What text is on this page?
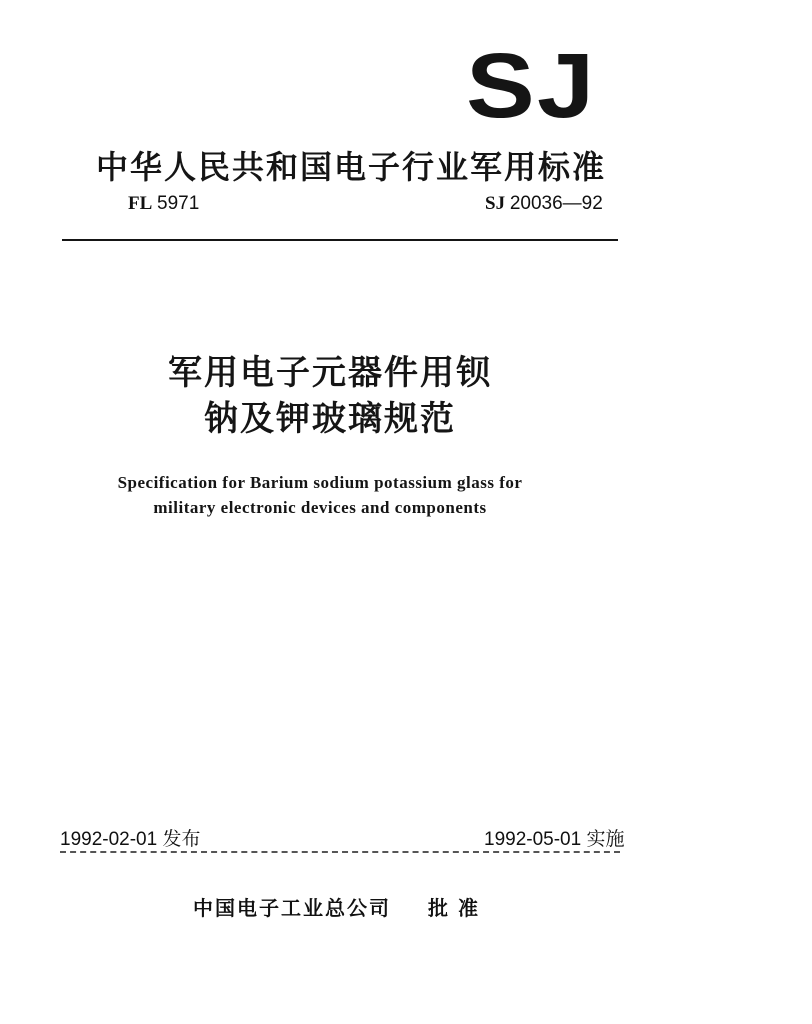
SJ
中华人民共和国电子行业军用标准
FL 5971	SJ 20036—92
军用电子元器件用钡
钠及钾玻璃规范
Specification for Barium sodium potassium glass for
military electronic devices and components
1992-02-01 发布	1992-05-01 实施
中国电子工业总公司 批准
